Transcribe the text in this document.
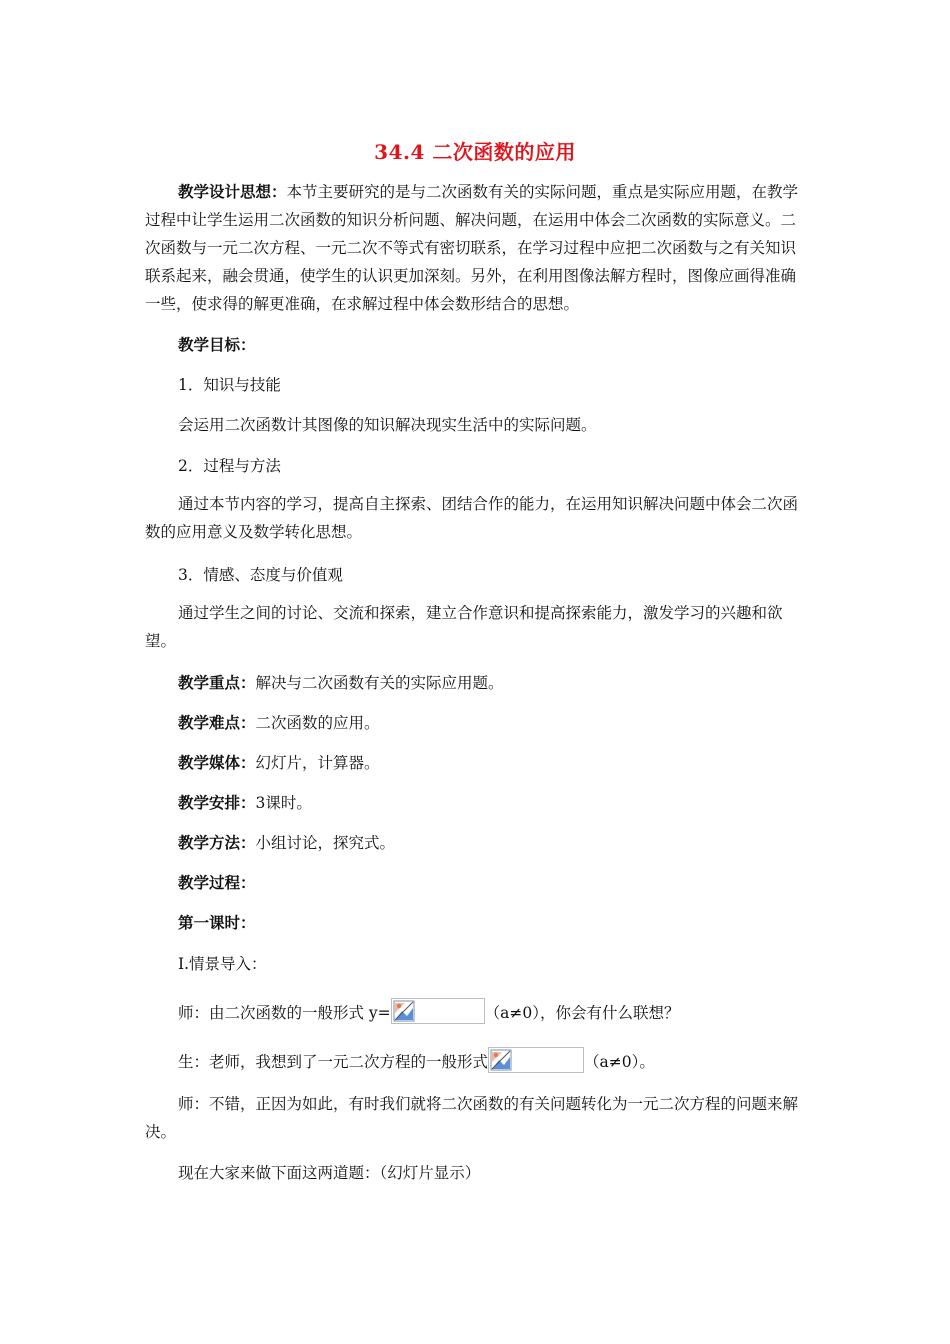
34.4 二次函数的应用
教学设计思想：本节主要研究的是与二次函数有关的实际问题，重点是实际应用题，在教学过程中让学生运用二次函数的知识分析问题、解决问题，在运用中体会二次函数的实际意义。二次函数与一元二次方程、一元二次不等式有密切联系，在学习过程中应把二次函数与之有关知识联系起来，融会贯通，使学生的认识更加深刻。另外，在利用图像法解方程时，图像应画得准确一些，使求得的解更准确，在求解过程中体会数形结合的思想。
教学目标：
1．知识与技能
会运用二次函数计其图像的知识解决现实生活中的实际问题。
2．过程与方法
通过本节内容的学习，提高自主探索、团结合作的能力，在运用知识解决问题中体会二次函数的应用意义及数学转化思想。
3．情感、态度与价值观
通过学生之间的讨论、交流和探索，建立合作意识和提高探索能力，激发学习的兴趣和欲望。
教学重点：解决与二次函数有关的实际应用题。
教学难点：二次函数的应用。
教学媒体：幻灯片，计算器。
教学安排：3课时。
教学方法：小组讨论，探究式。
教学过程：
第一课时：
Ⅰ.情景导入：
师：由二次函数的一般形式 y=	（a≠0），你会有什么联想？
生：老师，我想到了一元二次方程的一般形式	（a≠0）。
师：不错，正因为如此，有时我们就将二次函数的有关问题转化为一元二次方程的问题来解决。
现在大家来做下面这两道题：（幻灯片显示）
